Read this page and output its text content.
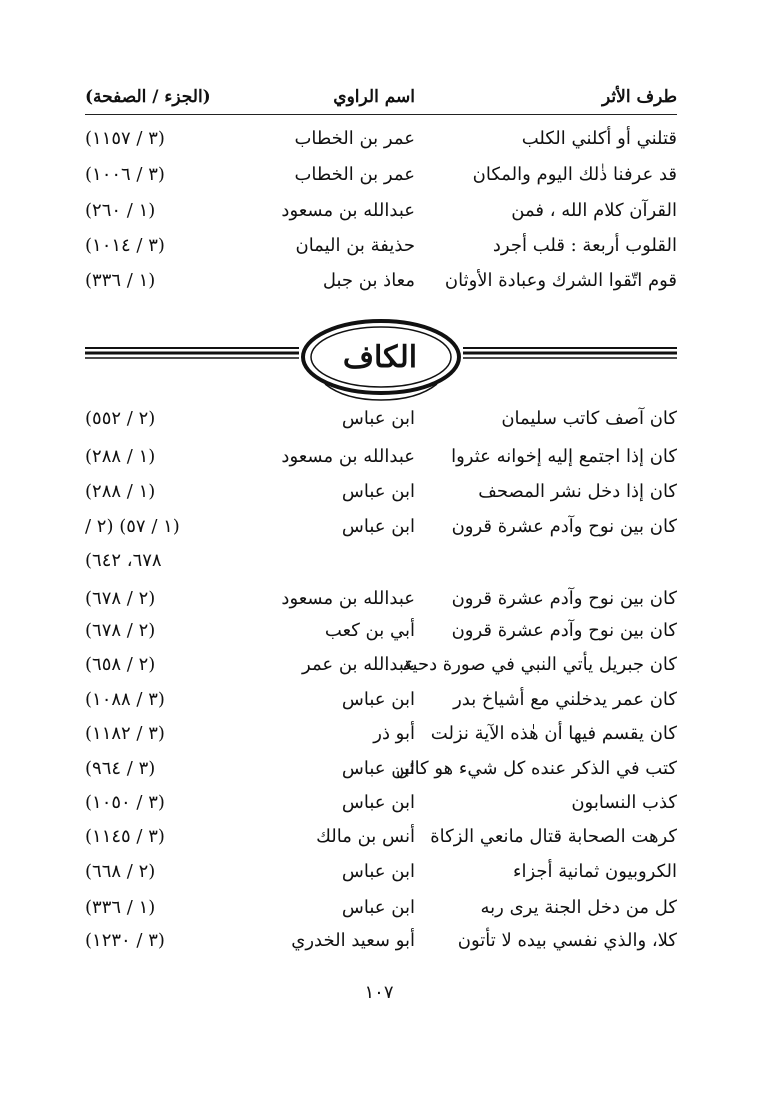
طرف الأثر
اسم الراوي
(الجزء / الصفحة)
قتلني أو أكلني الكلب
عمر بن الخطاب
(٣ / ١١٥٧)
قد عرفنا ذٰلك اليوم والمكان
عمر بن الخطاب
(٣ / ١٠٠٦)
القرآن كلام الله ، فمن
عبدالله بن مسعود
(١ / ٢٦٠)
القلوب أربعة : قلب أجرد
حذيفة بن اليمان
(٣ / ١٠١٤)
قوم اتّقوا الشرك وعبادة الأوثان
معاذ بن جبل
(١ / ٣٣٦)
الكاف
كان آصف كاتب سليمان
ابن عباس
(٢ / ٥٥٢)
كان إذا اجتمع إليه إخوانه عثروا
عبدالله بن مسعود
(١ / ٢٨٨)
كان إذا دخل نشر المصحف
ابن عباس
(١ / ٢٨٨)
كان بين نوح وآدم عشرة قرون
ابن عباس
(١ / ٥٧) (٢ /
٦٧٨، ٦٤٢)
كان بين نوح وآدم عشرة قرون
عبدالله بن مسعود
(٢ / ٦٧٨)
كان بين نوح وآدم عشرة قرون
أبي بن كعب
(٢ / ٦٧٨)
كان جبريل يأتي النبي في صورة دحية
عبدالله بن عمر
(٢ / ٦٥٨)
كان عمر يدخلني مع أشياخ بدر
ابن عباس
(٣ / ١٠٨٨)
كان يقسم فيها أن هٰذه الآية نزلت
أبو ذر
(٣ / ١١٨٢)
كتب في الذكر عنده كل شيء هو كائن
ابن عباس
(٣ / ٩٦٤)
كذب النسابون
ابن عباس
(٣ / ١٠٥٠)
كرهت الصحابة قتال مانعي الزكاة
أنس بن مالك
(٣ / ١١٤٥)
الكروبيون ثمانية أجزاء
ابن عباس
(٢ / ٦٦٨)
كل من دخل الجنة يرى ربه
ابن عباس
(١ / ٣٣٦)
كلا، والذي نفسي بيده لا تأتون
أبو سعيد الخدري
(٣ / ١٢٣٠)
١٠٧
